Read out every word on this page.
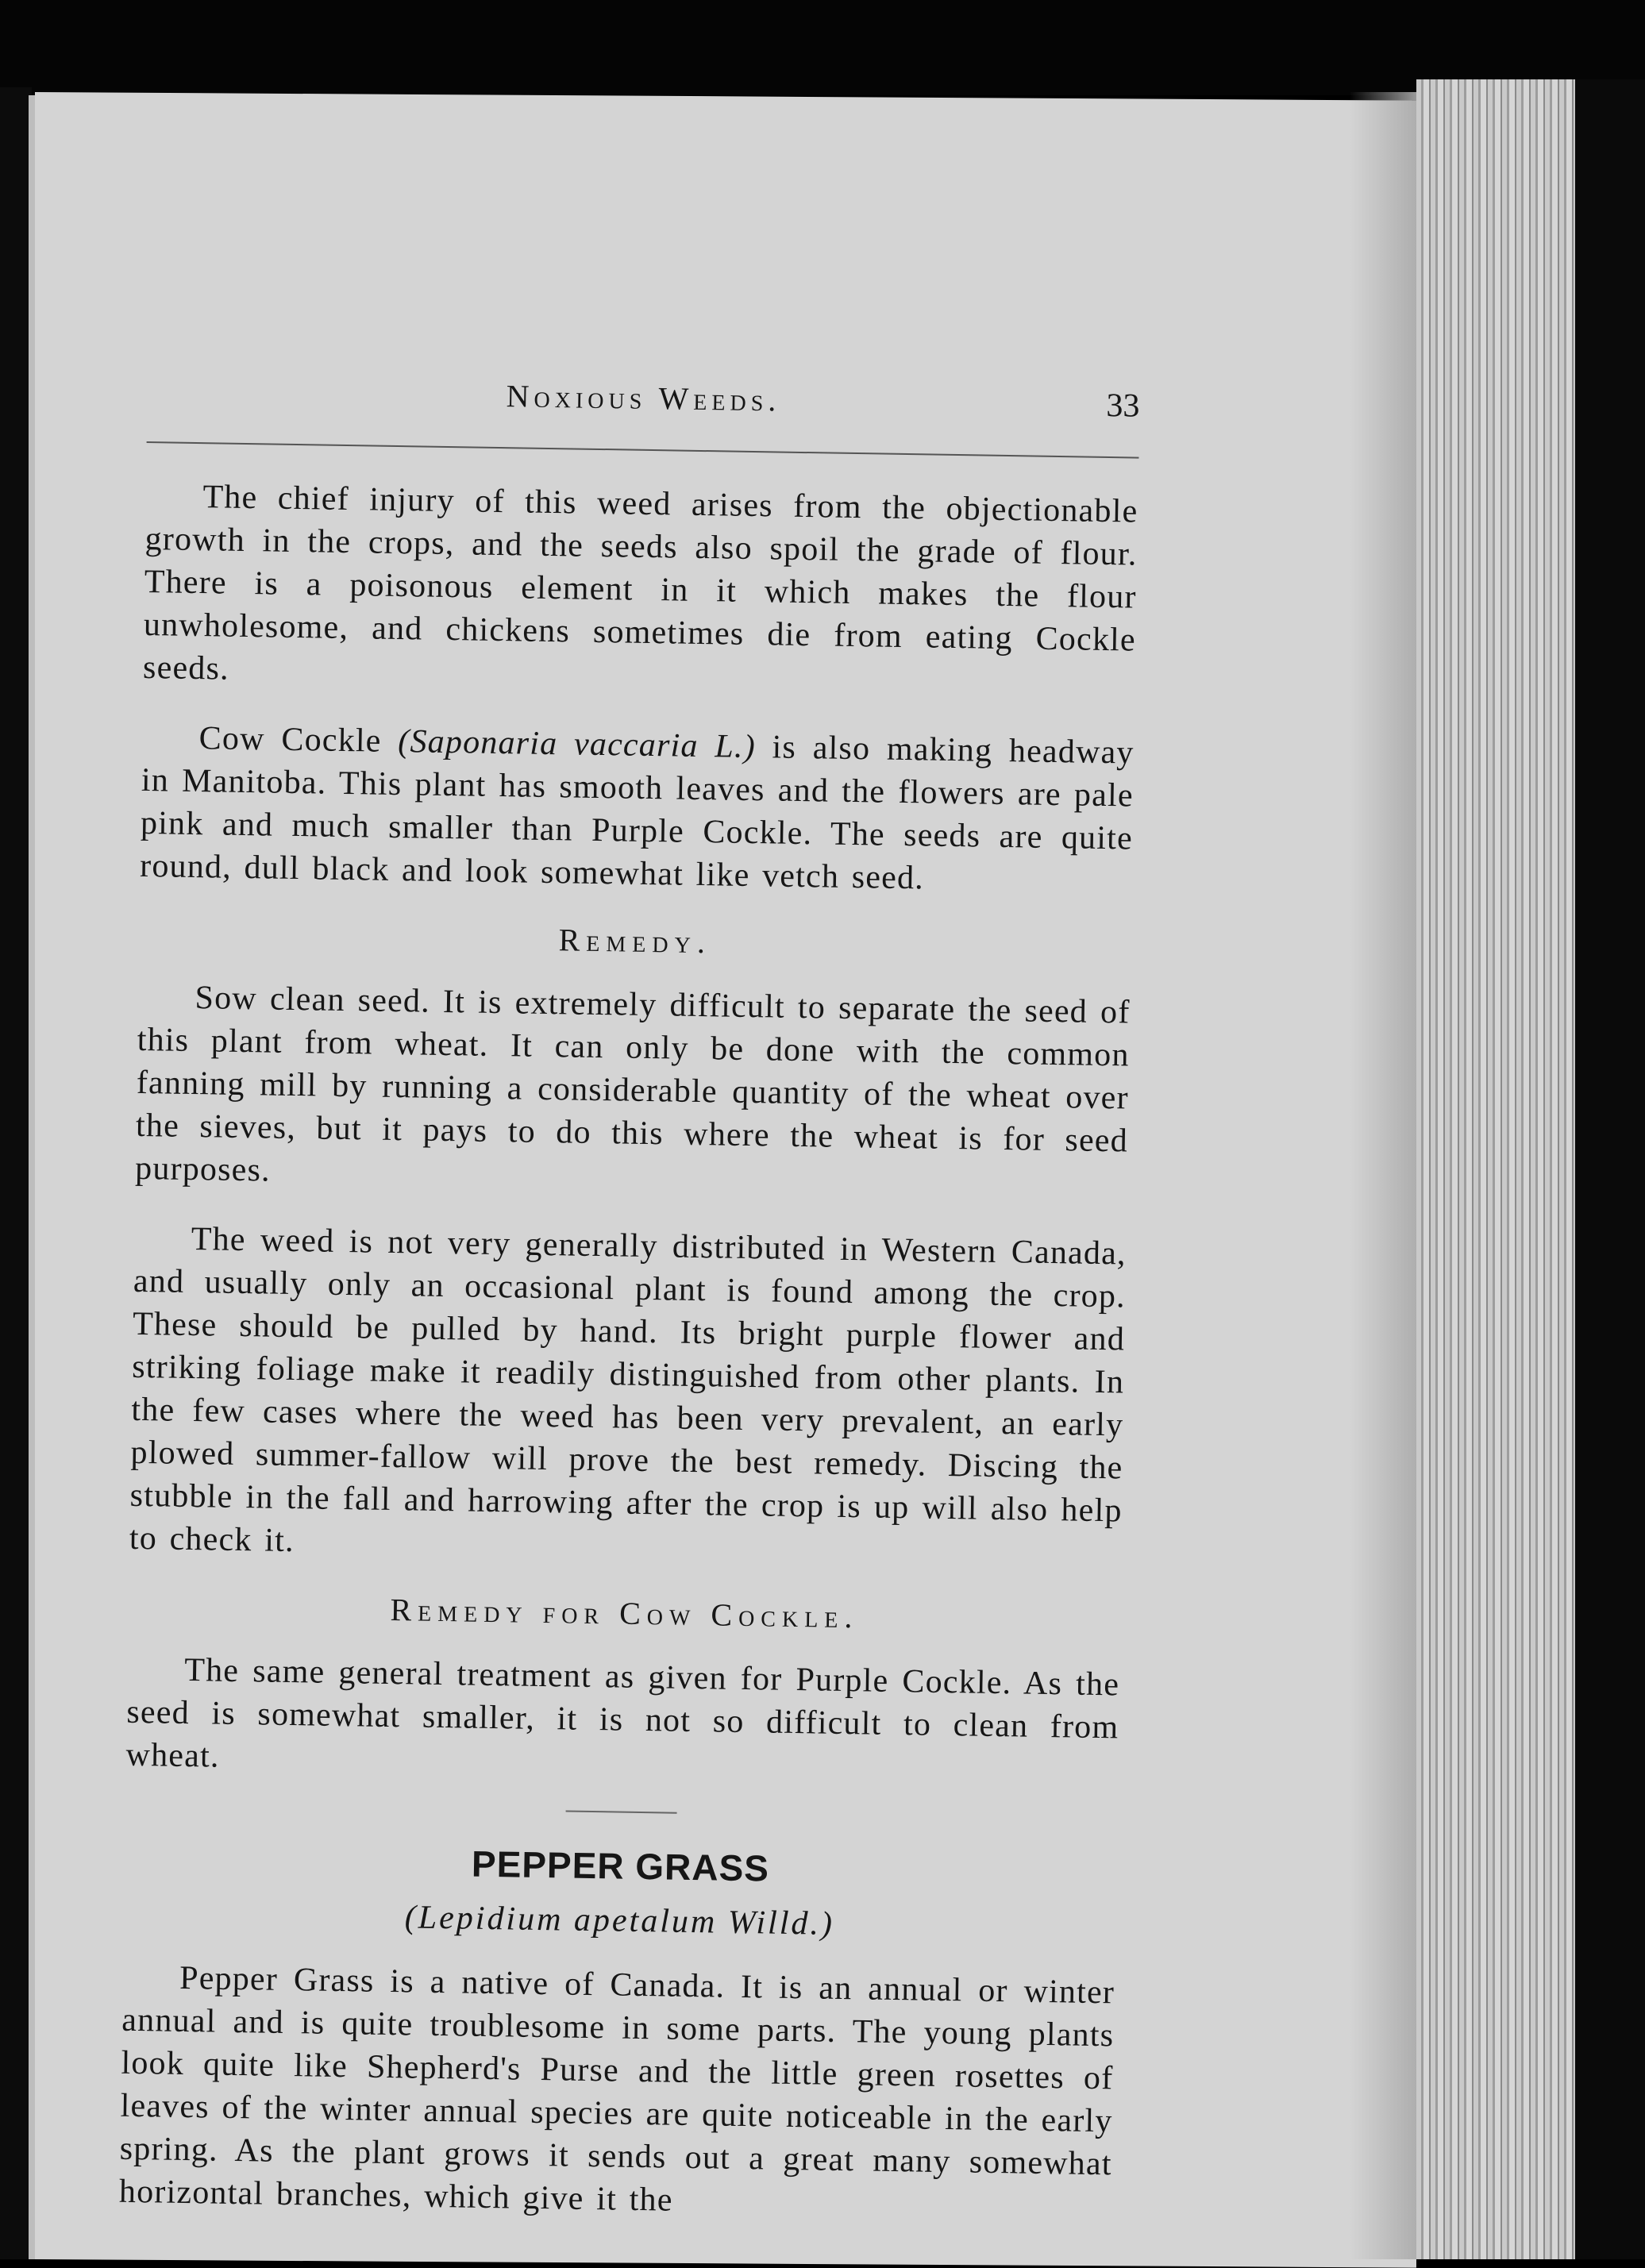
Noxious Weeds.	33

The chief injury of this weed arises from the objectionable growth in the crops, and the seeds also spoil the grade of flour. There is a poisonous element in it which makes the flour unwholesome, and chickens sometimes die from eating Cockle seeds.

Cow Cockle (Saponaria vaccaria L.) is also making headway in Manitoba. This plant has smooth leaves and the flowers are pale pink and much smaller than Purple Cockle. The seeds are quite round, dull black and look somewhat like vetch seed.

Remedy.

Sow clean seed. It is extremely difficult to separate the seed of this plant from wheat. It can only be done with the common fanning mill by running a considerable quantity of the wheat over the sieves, but it pays to do this where the wheat is for seed purposes.

The weed is not very generally distributed in Western Canada, and usually only an occasional plant is found among the crop. These should be pulled by hand. Its bright purple flower and striking foliage make it readily distinguished from other plants. In the few cases where the weed has been very prevalent, an early plowed summer-fallow will prove the best remedy. Discing the stubble in the fall and harrowing after the crop is up will also help to check it.

Remedy for Cow Cockle.

The same general treatment as given for Purple Cockle. As the seed is somewhat smaller, it is not so difficult to clean from wheat.

PEPPER GRASS
(Lepidium apetalum Willd.)

Pepper Grass is a native of Canada. It is an annual or winter annual and is quite troublesome in some parts. The young plants look quite like Shepherd's Purse and the little green rosettes of leaves of the winter annual species are quite noticeable in the early spring. As the plant grows it sends out a great many somewhat horizontal branches, which give it the
